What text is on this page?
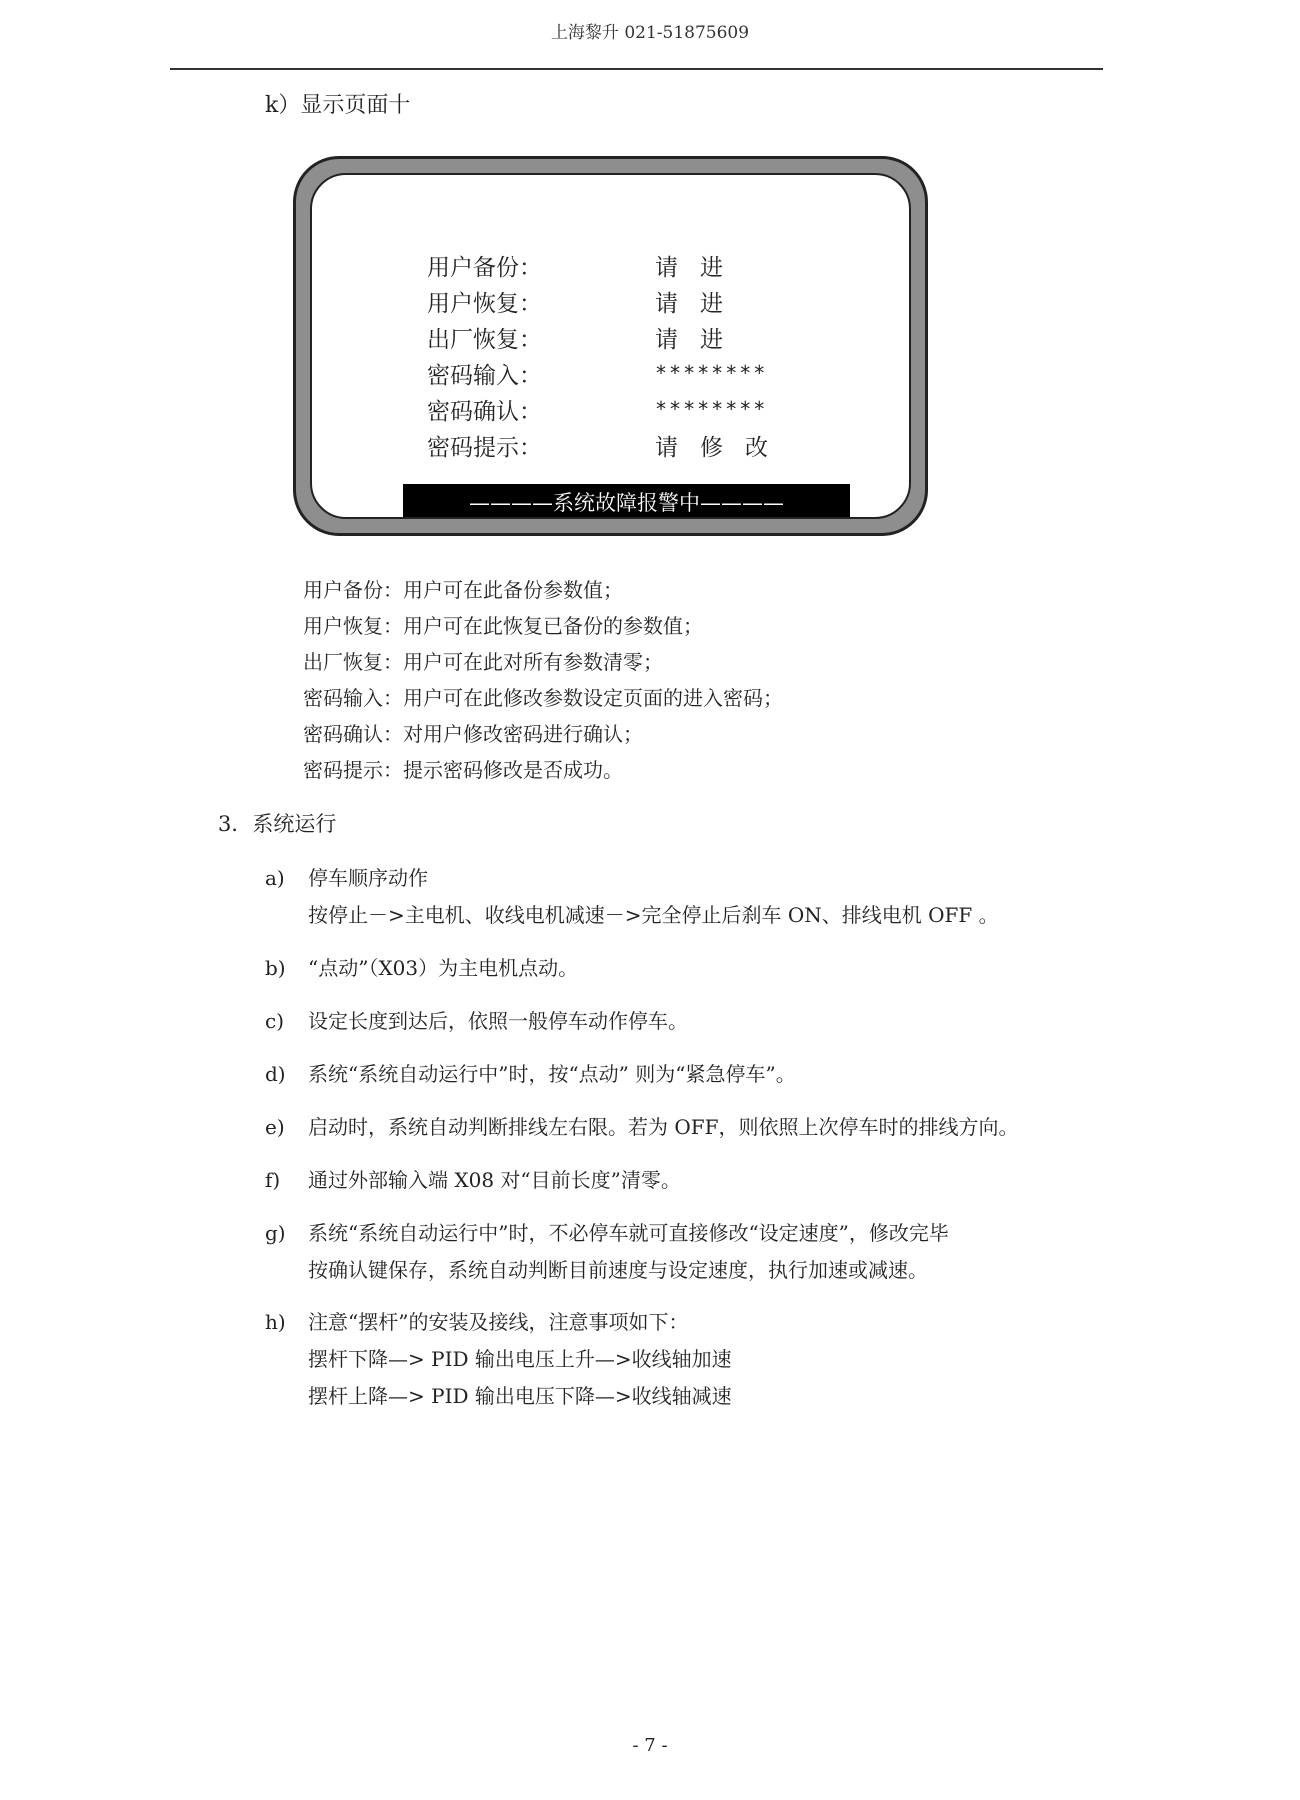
上海黎升 021-51875609
k）显示页面十
用户备份：	请进
用户恢复：	请进
出厂恢复：	请进
密码输入：	********
密码确认：	********
密码提示：	请修改
————系统故障报警中————
用户备份：用户可在此备份参数值；
用户恢复：用户可在此恢复已备份的参数值；
出厂恢复：用户可在此对所有参数清零；
密码输入：用户可在此修改参数设定页面的进入密码；
密码确认：对用户修改密码进行确认；
密码提示：提示密码修改是否成功。
3．系统运行
a) 停车顺序动作
按停止－>主电机、收线电机减速－>完全停止后刹车 ON、排线电机 OFF 。
b) “点动”（X03）为主电机点动。
c) 设定长度到达后，依照一般停车动作停车。
d) 系统“系统自动运行中”时，按“点动” 则为“紧急停车”。
e) 启动时，系统自动判断排线左右限。若为 OFF，则依照上次停车时的排线方向。
f) 通过外部输入端 X08 对“目前长度”清零。
g) 系统“系统自动运行中”时，不必停车就可直接修改“设定速度”，修改完毕
按确认键保存，系统自动判断目前速度与设定速度，执行加速或减速。
h) 注意“摆杆”的安装及接线，注意事项如下：
摆杆下降—> PID 输出电压上升—>收线轴加速
摆杆上降—> PID 输出电压下降—>收线轴减速
- 7 -
